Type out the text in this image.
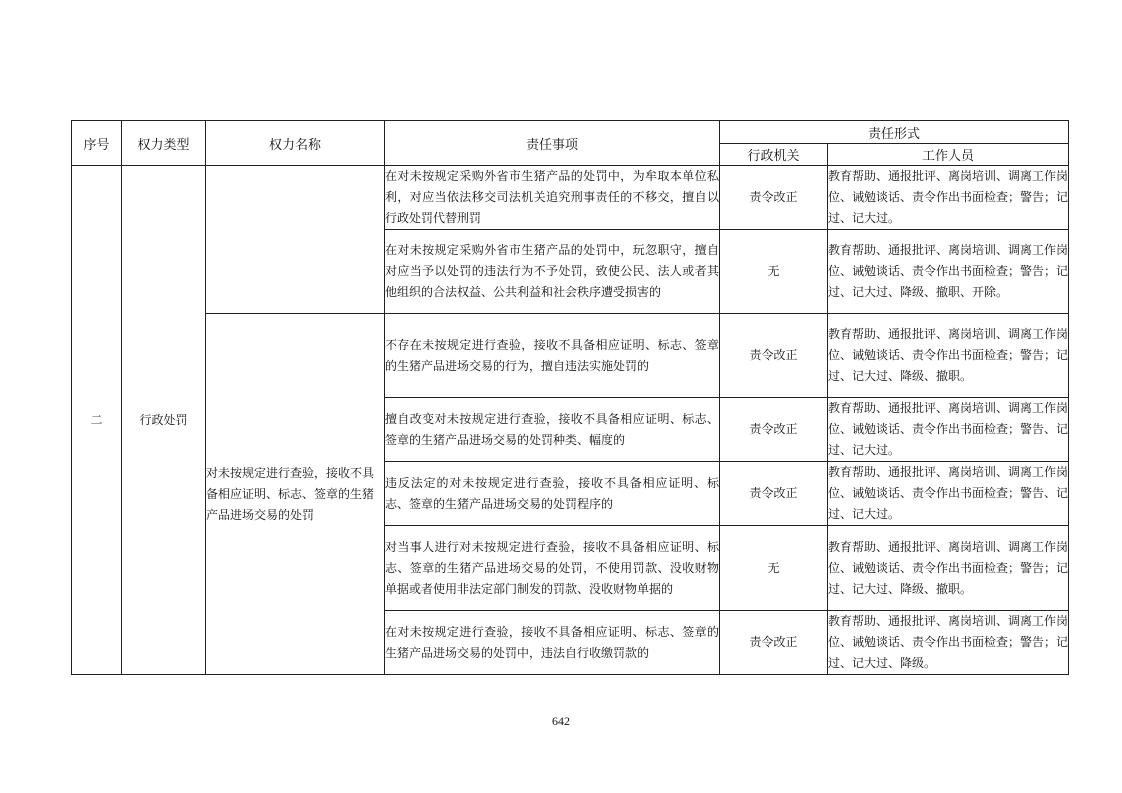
序号	权力类型	权力名称	责任事项	责任形式	
				行政机关	工作人员
二	行政处罚		在对未按规定采购外省市生猪产品的处罚中，为牟取本单位私利，对应当依法移交司法机关追究刑事责任的不移交，擅自以行政处罚代替刑罚	责令改正	教育帮助、通报批评、离岗培训、调离工作岗位、诫勉谈话、责令作出书面检查；警告；记过、记大过。
			在对未按规定采购外省市生猪产品的处罚中，玩忽职守，擅自对应当予以处罚的违法行为不予处罚，致使公民、法人或者其他组织的合法权益、公共利益和社会秩序遭受损害的	无	教育帮助、通报批评、离岗培训、调离工作岗位、诫勉谈话、责令作出书面检查；警告；记过、记大过、降级、撤职、开除。
		对未按规定进行查验，接收不具备相应证明、标志、签章的生猪产品进场交易的处罚	不存在未按规定进行查验，接收不具备相应证明、标志、签章的生猪产品进场交易的行为，擅自违法实施处罚的	责令改正	教育帮助、通报批评、离岗培训、调离工作岗位、诫勉谈话、责令作出书面检查；警告；记过、记大过、降级、撤职。
			擅自改变对未按规定进行查验，接收不具备相应证明、标志、签章的生猪产品进场交易的处罚种类、幅度的	责令改正	教育帮助、通报批评、离岗培训、调离工作岗位、诫勉谈话、责令作出书面检查；警告、记过、记大过。
			违反法定的对未按规定进行查验，接收不具备相应证明、标志、签章的生猪产品进场交易的处罚程序的	责令改正	教育帮助、通报批评、离岗培训、调离工作岗位、诫勉谈话、责令作出书面检查；警告、记过、记大过。
			对当事人进行对未按规定进行查验，接收不具备相应证明、标志、签章的生猪产品进场交易的处罚，不使用罚款、没收财物单据或者使用非法定部门制发的罚款、没收财物单据的	无	教育帮助、通报批评、离岗培训、调离工作岗位、诫勉谈话、责令作出书面检查；警告；记过、记大过、降级、撤职。
			在对未按规定进行查验，接收不具备相应证明、标志、签章的生猪产品进场交易的处罚中，违法自行收缴罚款的	责令改正	教育帮助、通报批评、离岗培训、调离工作岗位、诫勉谈话、责令作出书面检查；警告；记过、记大过、降级。
642
